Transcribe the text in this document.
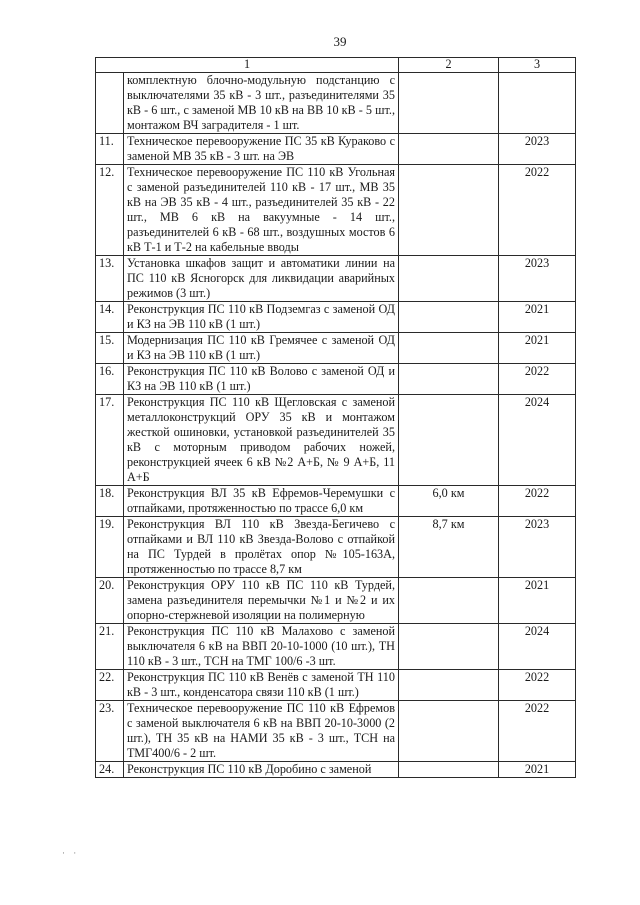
39
1		2	3
	комплектную блочно-модульную подстанцию с выключателями 35 кВ - 3 шт., разъединителями 35 кВ - 6 шт., с заменой МВ 10 кВ на ВВ 10 кВ - 5 шт., монтажом ВЧ заградителя - 1 шт.		
11.	Техническое перевооружение ПС 35 кВ Кураково с заменой МВ 35 кВ - 3 шт. на ЭВ		2023
12.	Техническое перевооружение ПС 110 кВ Угольная с заменой разъединителей 110 кВ - 17 шт., МВ 35 кВ на ЭВ 35 кВ - 4 шт., разъединителей 35 кВ - 22 шт., МВ 6 кВ на вакуумные - 14 шт., разъединителей 6 кВ - 68 шт., воздушных мостов 6 кВ Т-1 и Т-2 на кабельные вводы		2022
13.	Установка шкафов защит и автоматики линии на ПС 110 кВ Ясногорск для ликвидации аварийных режимов (3 шт.)		2023
14.	Реконструкция ПС 110 кВ Подземгаз с заменой ОД и КЗ на ЭВ 110 кВ (1 шт.)		2021
15.	Модернизация ПС 110 кВ Гремячее с заменой ОД и КЗ на ЭВ 110 кВ (1 шт.)		2021
16.	Реконструкция ПС 110 кВ Волово с заменой ОД и КЗ на ЭВ 110 кВ (1 шт.)		2022
17.	Реконструкция ПС 110 кВ Щегловская с заменой металлоконструкций ОРУ 35 кВ и монтажом жесткой ошиновки, установкой разъединителей 35 кВ с моторным приводом рабочих ножей, реконструкцией ячеек 6 кВ №2 А+Б, № 9 А+Б, 11 А+Б		2024
18.	Реконструкция ВЛ 35 кВ Ефремов-Черемушки с отпайками, протяженностью по трассе 6,0 км	6,0 км	2022
19.	Реконструкция ВЛ 110 кВ Звезда-Бегичево с отпайками и ВЛ 110 кВ Звезда-Волово с отпайкой на ПС Турдей в пролётах опор №105-163А, протяженностью по трассе 8,7 км	8,7 км	2023
20.	Реконструкция ОРУ 110 кВ ПС 110 кВ Турдей, замена разъединителя перемычки №1 и №2 и их опорно-стержневой изоляции на полимерную		2021
21.	Реконструкция ПС 110 кВ Малахово с заменой выключателя 6 кВ на ВВП 20-10-1000 (10 шт.), ТН 110 кВ - 3 шт., ТСН на ТМГ 100/6 -3 шт.		2024
22.	Реконструкция ПС 110 кВ Венёв с заменой ТН 110 кВ - 3 шт., конденсатора связи 110 кВ (1 шт.)		2022
23.	Техническое перевооружение ПС 110 кВ Ефремов с заменой выключателя 6 кВ на ВВП 20-10-3000 (2 шт.), ТН 35 кВ на НАМИ 35 кВ - 3 шт., ТСН на ТМГ400/6 - 2 шт.		2022
24.	Реконструкция ПС 110 кВ Доробино с заменой		2021
· ·
